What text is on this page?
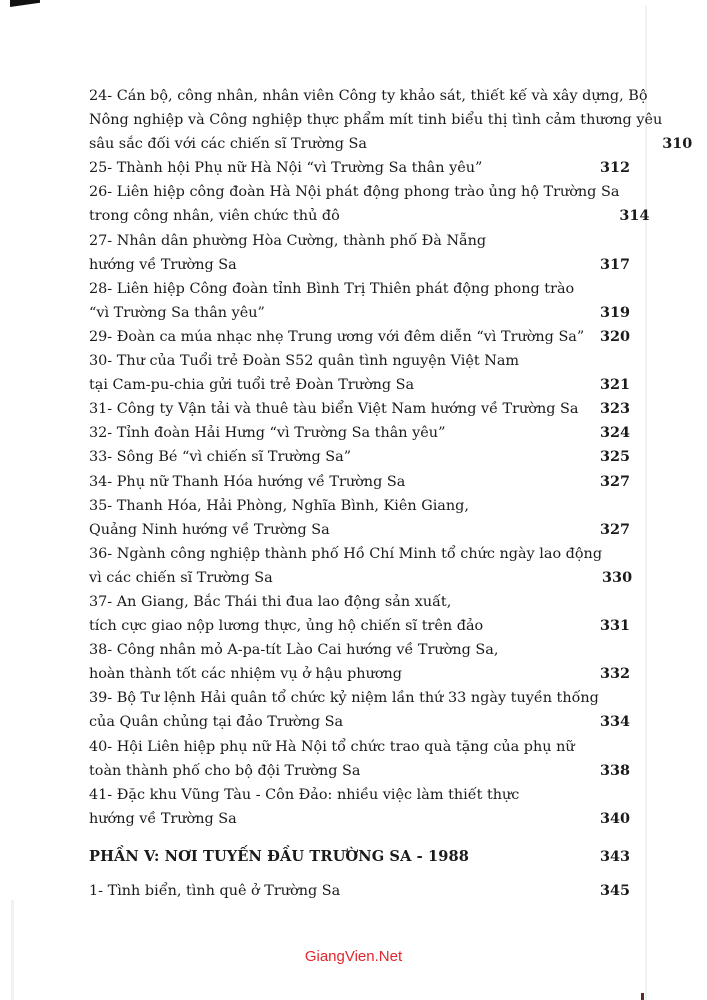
24- Cán bộ, công nhân, nhân viên Công ty khảo sát, thiết kế và xây dựng, Bộ
Nông nghiệp và Công nghiệp thực phẩm mít tinh biểu thị tình cảm thương yêu
sâu sắc đối với các chiến sĩ Trường Sa	310
25- Thành hội Phụ nữ Hà Nội “vì Trường Sa thân yêu”	312
26- Liên hiệp công đoàn Hà Nội phát động phong trào ủng hộ Trường Sa
trong công nhân, viên chức thủ đô	314
27- Nhân dân phường Hòa Cường, thành phố Đà Nẵng
hướng về Trường Sa	317
28- Liên hiệp Công đoàn tỉnh Bình Trị Thiên phát động phong trào
“vì Trường Sa thân yêu”	319
29- Đoàn ca múa nhạc nhẹ Trung ương với đêm diễn “vì Trường Sa”	320
30- Thư của Tuổi trẻ Đoàn S52 quân tình nguyện Việt Nam
tại Cam-pu-chia gửi tuổi trẻ Đoàn Trường Sa	321
31- Công ty Vận tải và thuê tàu biển Việt Nam hướng về Trường Sa	323
32- Tỉnh đoàn Hải Hưng “vì Trường Sa thân yêu”	324
33- Sông Bé “vì chiến sĩ Trường Sa”	325
34- Phụ nữ Thanh Hóa hướng về Trường Sa	327
35- Thanh Hóa, Hải Phòng, Nghĩa Bình, Kiên Giang,
Quảng Ninh hướng về Trường Sa	327
36- Ngành công nghiệp thành phố Hồ Chí Minh tổ chức ngày lao động
vì các chiến sĩ Trường Sa	330
37- An Giang, Bắc Thái thi đua lao động sản xuất,
tích cực giao nộp lương thực, ủng hộ chiến sĩ trên đảo	331
38- Công nhân mỏ A-pa-tít Lào Cai hướng về Trường Sa,
hoàn thành tốt các nhiệm vụ ở hậu phương	332
39- Bộ Tư lệnh Hải quân tổ chức kỷ niệm lần thứ 33 ngày tuyền thống
của Quân chủng tại đảo Trường Sa	334
40- Hội Liên hiệp phụ nữ Hà Nội tổ chức trao quà tặng của phụ nữ
toàn thành phố cho bộ đội Trường Sa	338
41- Đặc khu Vũng Tàu - Côn Đảo: nhiều việc làm thiết thực
hướng về Trường Sa	340
PHẦN V: NƠI TUYẾN ĐẦU TRƯỜNG SA - 1988	343
1- Tình biển, tình quê ở Trường Sa	345
GiangVien.Net
